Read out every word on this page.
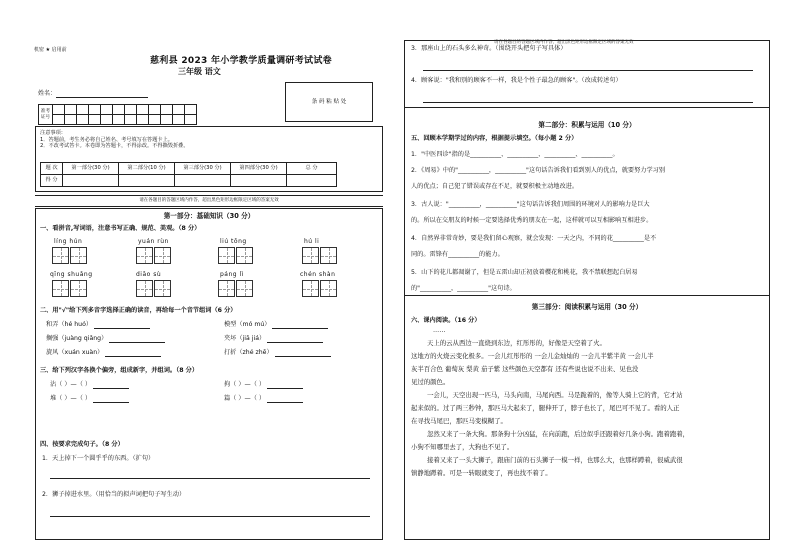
请在各题目的答题区域内作答，超出黑色矩形边框限定区域的答案无效
机密 ★ 启用前
慈利县 2023 年小学教学质量调研考试试卷
三年级 语文
姓名：
准考证号												

条 码 粘 贴 处
注意事项：
1．答题前，考生务必将自己姓名、考号填写在答题卡上。
2．不改考试答卡。本卷即为答题卡，不得涂改。不得撕毁折叠。
题 次	第一部分(30 分)	第二部分(10 分)	第三部分(30 分)	第四部分(30 分)	总 分
得 分					
请在各题目的答题区域内作答，超出黑色矩形边框限定区域的答案无效
第一部分：基础知识（30 分）
一、看拼音,写词语，注意书写正确、规范、美观。（8 分）
líng hún	yuán rùn	liú tōng	hú li
qīng shuǎng	diāo sù	páng lì	chén shàn
二、用"√"给下列多音字选择正确的读音，再给每一个音节组词（6 分）
和弄（hé huó）	模型（mó mú）
搁强（juàng qiǎng）	夹坏（jiā jiá）
旋风（xuán xuàn）	打折（zhé zhē）
三、给下列汉字各换个偏旁，组成新字，并组词。（8 分）
沾（ ）—（ ）	拘（ ）—（ ）
堆（ ）—（ ）	篇（ ）—（ ）
四、按要求完成句子。（8 分）
1．天上掉下一个圆乎乎的东西。（扩句）
2．狮子掉进水里。（用恰当的拟声词把句子写生动）
3．那座山上的石头多么神奇。（围绕开头把句子写具体）
4．顾客说："我和别的顾客不一样，我是个性子最急的顾客"。（改成转述句）
第二部分：积累与运用（10 分）
五、回顾本学期学过的内容，根据提示填空。（每小题 2 分）
1．"中医四诊"指的是__________、__________、__________、__________。
2．《周易》中的"__________，__________"这句话告诉我们看到别人的优点，就要努力学习别
人的优点；自己犯了错误或存在不足，就要积极主动地改进。
3．古人说："__________，__________"这句话告诉我们周围的环境对人的影响力是巨大
的。所以在交朋友的时候一定要选择优秀的朋友在一起，这样就可以互相影响互相进步。
4．自然界非常奇妙，要是我们留心观察，就会发现：一天之内，不同的花__________是不
同的。雷锋有__________的能力。
5．山下的花儿都凋谢了，但是五雷山却正初放着樱花和桃花，我不禁联想起白居易
的"__________，__________"这句诗。
第三部分：阅读积累与运用（30 分）
六、课内阅读。（16 分）
……
天上的云从西边一直烧到东边，红彤彤的，好像是天空着了火。
这地方的火烧云变化极多。一会儿红彤彤的 一会儿金灿灿的 一会儿半紫半黄 一会儿半
灰半百合色 葡萄灰 梨黄 茄子紫 这些颜色天空都有 还有些说也说不出来、见也没
见过的颜色。
一会儿，天空出现一匹马，马头向南，马尾向西。马是跪着的，像等人骑上它的背，它才站
起来似的。过了两三秒钟，那匹马大起来了，腿伸开了，脖子也长了，尾巴可不见了。看的人正
在寻找马尾巴，那匹马变模糊了。
忽然又来了一条大狗。那条狗十分凶猛，在向前跑，后边似乎还跟着好几条小狗。跑着跑着，
小狗不知哪里去了，大狗也不见了。
接着又来了一头大狮子，跟庙门前的石头狮子一模一样，也那么大，也那样蹲着，很威武很
镇静地蹲着。可是一转眼就变了，再也找不着了。
